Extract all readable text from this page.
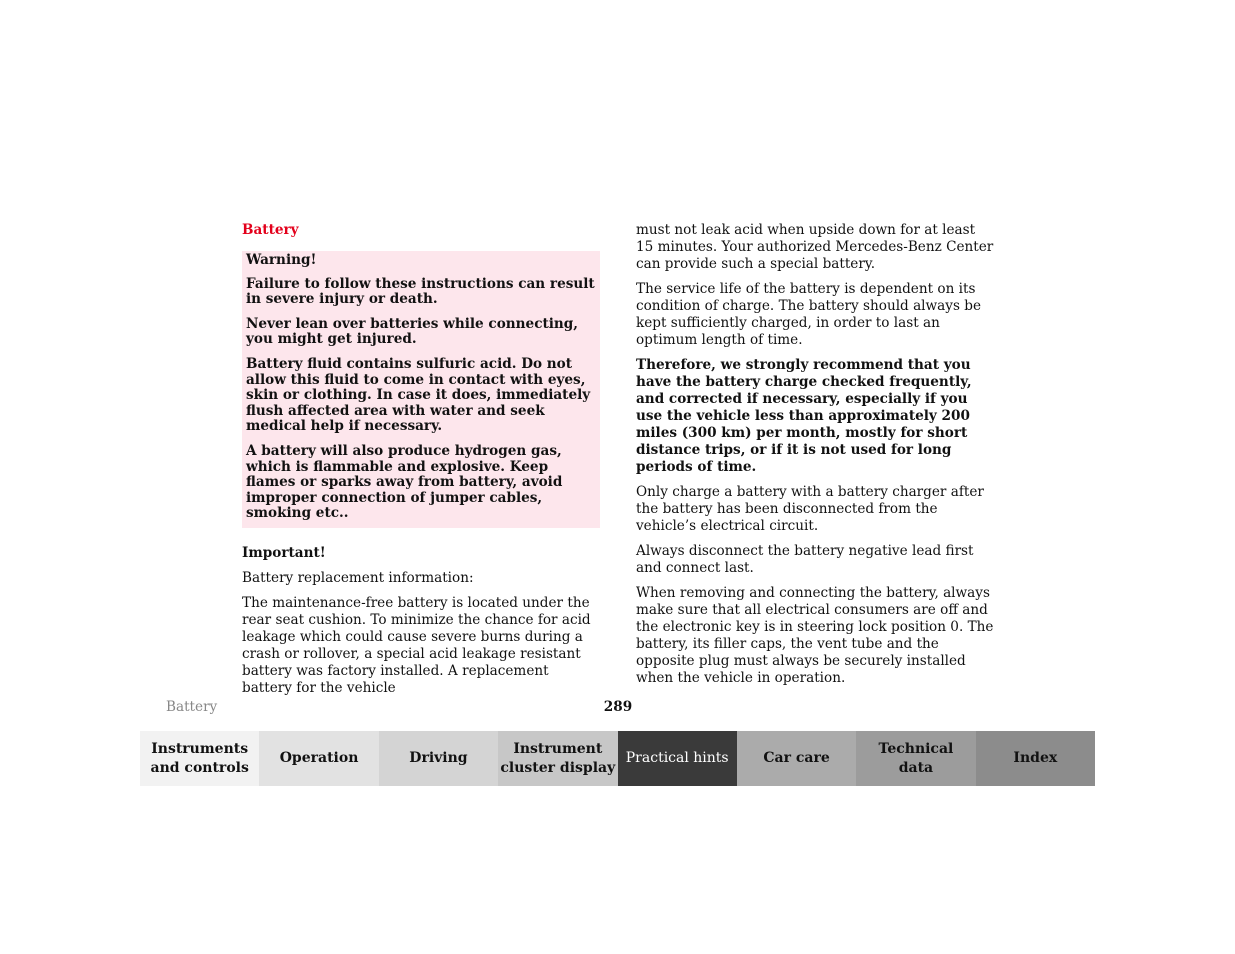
Battery

Warning!

Failure to follow these instructions can result in severe injury or death.

Never lean over batteries while connecting, you might get injured.

Battery fluid contains sulfuric acid. Do not allow this fluid to come in contact with eyes, skin or clothing. In case it does, immediately flush affected area with water and seek medical help if necessary.

A battery will also produce hydrogen gas, which is flammable and explosive. Keep flames or sparks away from battery, avoid improper connection of jumper cables, smoking etc..

Important!

Battery replacement information:

The maintenance-free battery is located under the rear seat cushion. To minimize the chance for acid leakage which could cause severe burns during a crash or rollover, a special acid leakage resistant battery was factory installed. A replacement battery for the vehicle

must not leak acid when upside down for at least 15 minutes. Your authorized Mercedes-Benz Center can provide such a special battery.

The service life of the battery is dependent on its condition of charge. The battery should always be kept sufficiently charged, in order to last an optimum length of time.

Therefore, we strongly recommend that you have the battery charge checked frequently, and corrected if necessary, especially if you use the vehicle less than approximately 200 miles (300 km) per month, mostly for short distance trips, or if it is not used for long periods of time.

Only charge a battery with a battery charger after the battery has been disconnected from the vehicle’s electrical circuit.

Always disconnect the battery negative lead first and connect last.

When removing and connecting the battery, always make sure that all electrical consumers are off and the electronic key is in steering lock position 0. The battery, its filler caps, the vent tube and the opposite plug must always be securely installed when the vehicle in operation.

Battery	289
Instruments
and controls
Operation	Driving
Instrument
cluster display
Practical hints	Car care
Technical
data
Index
